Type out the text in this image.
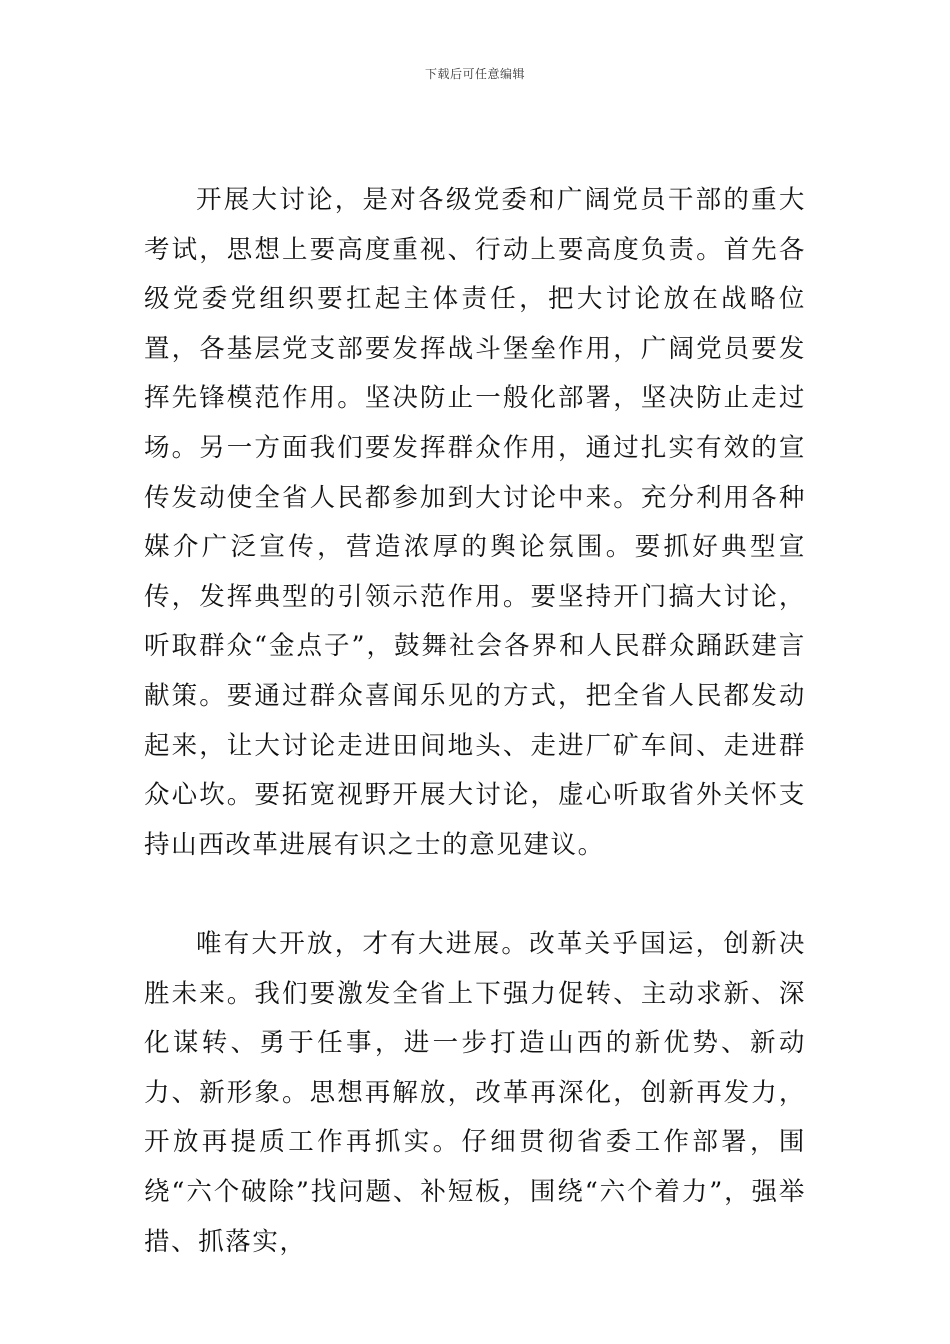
下载后可任意编辑

开展大讨论，是对各级党委和广阔党员干部的重大考试，思想上要高度重视、行动上要高度负责。首先各级党委党组织要扛起主体责任，把大讨论放在战略位置，各基层党支部要发挥战斗堡垒作用，广阔党员要发挥先锋模范作用。坚决防止一般化部署，坚决防止走过场。另一方面我们要发挥群众作用，通过扎实有效的宣传发动使全省人民都参加到大讨论中来。充分利用各种媒介广泛宣传，营造浓厚的舆论氛围。要抓好典型宣传，发挥典型的引领示范作用。要坚持开门搞大讨论，听取群众“金点子”，鼓舞社会各界和人民群众踊跃建言献策。要通过群众喜闻乐见的方式，把全省人民都发动起来，让大讨论走进田间地头、走进厂矿车间、走进群众心坎。要拓宽视野开展大讨论，虚心听取省外关怀支持山西改革进展有识之士的意见建议。

唯有大开放，才有大进展。改革关乎国运，创新决胜未来。我们要激发全省上下强力促转、主动求新、深化谋转、勇于任事，进一步打造山西的新优势、新动力、新形象。思想再解放，改革再深化，创新再发力，开放再提质工作再抓实。仔细贯彻省委工作部署，围绕“六个破除”找问题、补短板，围绕“六个着力”，强举措、抓落实，
